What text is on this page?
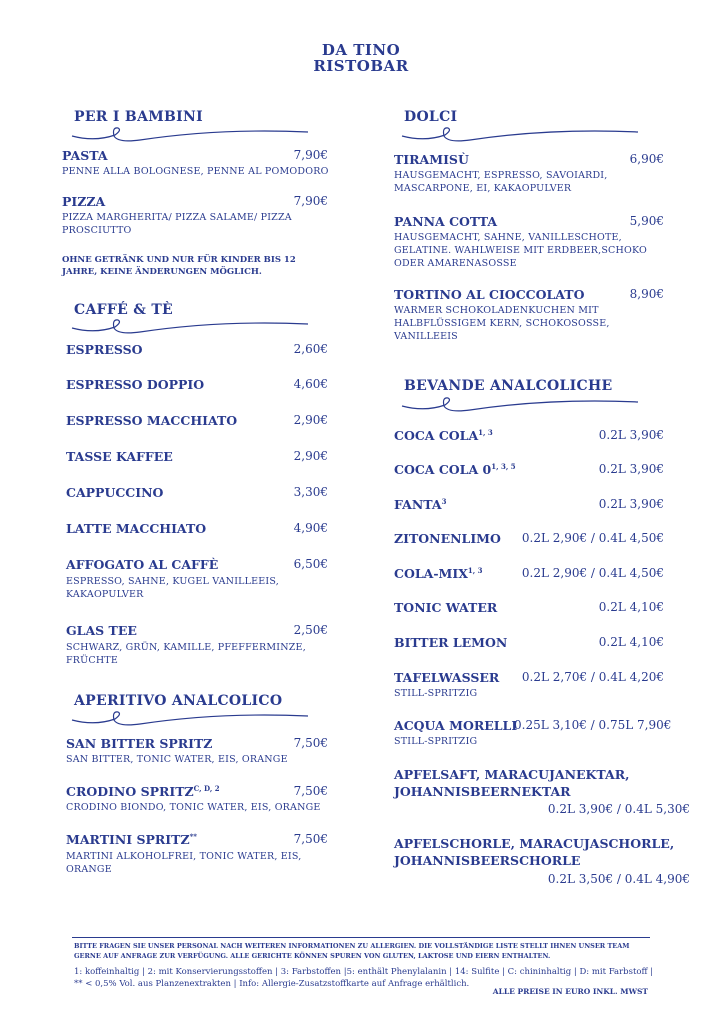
DA TINO
RISTOBAR
PER I BAMBINI
PASTA	7,90€
PENNE ALLA BOLOGNESE, PENNE AL POMODORO
PIZZA	7,90€
PIZZA MARGHERITA/ PIZZA SALAME/ PIZZA PROSCIUTTO
OHNE GETRÄNK UND NUR FÜR KINDER BIS 12 JAHRE, KEINE ÄNDERUNGEN MÖGLICH.
CAFFÉ & TÈ
ESPRESSO	2,60€
ESPRESSO DOPPIO	4,60€
ESPRESSO MACCHIATO	2,90€
TASSE KAFFEE	2,90€
CAPPUCCINO	3,30€
LATTE MACCHIATO	4,90€
AFFOGATO AL CAFFÈ	6,50€
ESPRESSO, SAHNE, KUGEL VANILLEEIS, KAKAOPULVER
GLAS TEE	2,50€
SCHWARZ, GRÜN, KAMILLE, PFEFFERMINZE, FRÜCHTE
APERITIVO ANALCOLICO
SAN BITTER SPRITZ	7,50€
SAN BITTER, TONIC WATER, EIS, ORANGE
CRODINO $SPRITZ^{C, D, 2}$	7,50€
CRODINO BIONDO, TONIC WATER, EIS, ORANGE
MARTINI SPRITZ**	7,50€
MARTINI ALKOHOLFREI, TONIC WATER, EIS, ORANGE
DOLCI
TIRAMISÙ	6,90€
HAUSGEMACHT, ESPRESSO, SAVOIARDI, MASCARPONE, EI, KAKAOPULVER
PANNA COTTA	5,90€
HAUSGEMACHT, SAHNE, VANILLESCHOTE, GELATINE. WAHLWEISE MIT ERDBEER,SCHOKO ODER AMARENASOSSE
TORTINO AL CIOCCOLATO	8,90€
WARMER SCHOKOLADENKUCHEN MIT HALBFLÜSSIGEM KERN, SCHOKOSOSSE, VANILLEEIS
BEVANDE ANALCOLICHE
COCA COLA$^{1, 3}$	0.2L 3,90€
COCA COLA 0$^{1, 3, 5}$	0.2L 3,90€
FANTA$^3$	0.2L 3,90€
ZITONENLIMO	0.2L 2,90€ / 0.4L 4,50€
COLA-MIX$^{1, 3}$	0.2L 2,90€ / 0.4L 4,50€
TONIC WATER	0.2L 4,10€
BITTER LEMON	0.2L 4,10€
TAFELWASSER	0.2L 2,70€ / 0.4L 4,20€
STILL-SPRITZIG
ACQUA MORELLI
0.25L 3,10€ / 0.75L 7,90€
STILL-SPRITZIG
APFELSAFT, MARACUJANEKTAR,
JOHANNISBEERNEKTAR
0.2L 3,90€ / 0.4L 5,30€
APFELSCHORLE, MARACUJASCHORLE,
JOHANNISBEERSCHORLE
0.2L 3,50€ / 0.4L 4,90€
BITTE FRAGEN SIE UNSER PERSONAL NACH WEITEREN INFORMATIONEN ZU ALLERGIEN. DIE VOLLSTÄNDIGE LISTE STELLT IHNEN UNSER TEAM GERNE AUF ANFRAGE ZUR VERFÜGUNG. ALLE GERICHTE KÖNNEN SPUREN VON GLUTEN, LAKTOSE UND EIERN ENTHALTEN.
1: koffeinhaltig | 2: mit Konservierungsstoffen | 3: Farbstoffen |5: enthält Phenylalanin | 14: Sulfite | C: chininhaltig | D: mit Farbstoff | ** < 0,5% Vol. aus Planzenextrakten | Info: Allergie-Zusatzstoffkarte auf Anfrage erhältlich.
ALLE PREISE IN EURO INKL. MWST
